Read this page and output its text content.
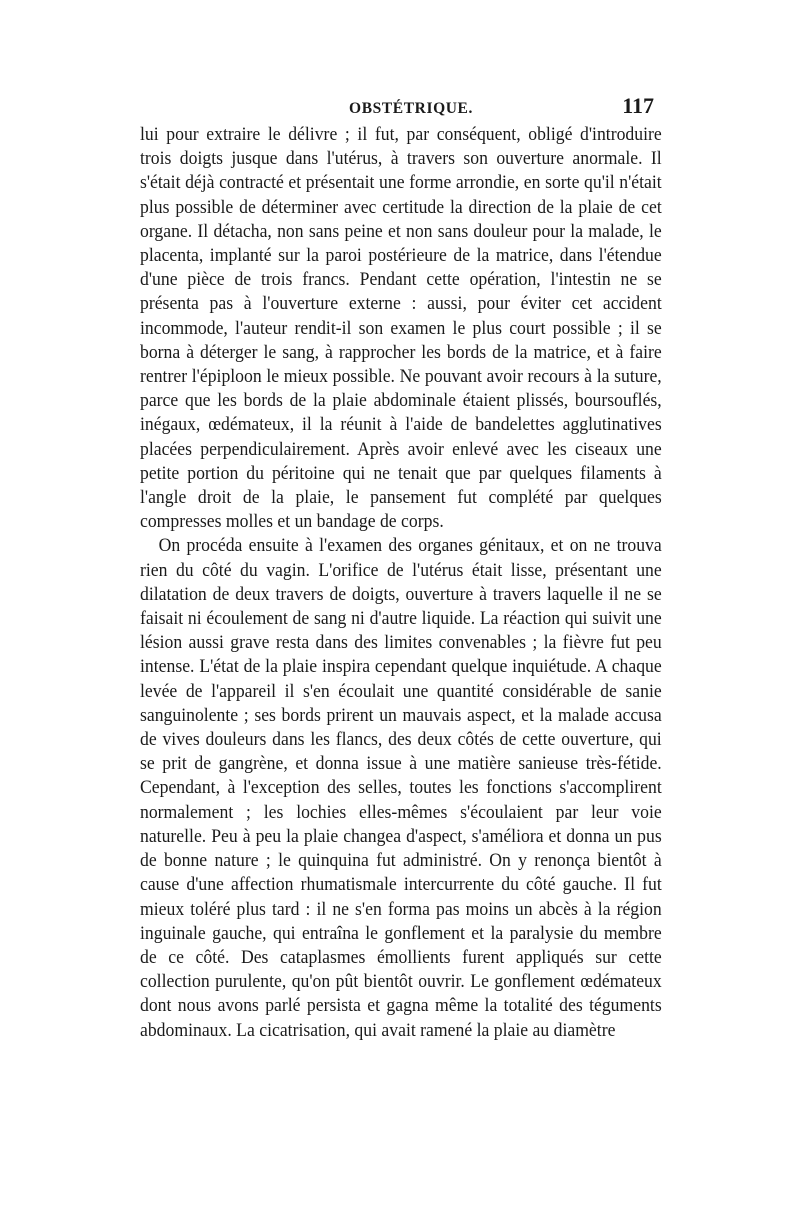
OBSTÉTRIQUE.	117

lui pour extraire le délivre ; il fut, par conséquent, obligé d'introduire trois doigts jusque dans l'utérus, à travers son ouverture anormale. Il s'était déjà contracté et présentait une forme arrondie, en sorte qu'il n'était plus possible de déterminer avec certitude la direction de la plaie de cet organe. Il détacha, non sans peine et non sans douleur pour la malade, le placenta, implanté sur la paroi postérieure de la matrice, dans l'étendue d'une pièce de trois francs. Pendant cette opération, l'intestin ne se présenta pas à l'ouverture externe : aussi, pour éviter cet accident incommode, l'auteur rendit-il son examen le plus court possible ; il se borna à déterger le sang, à rapprocher les bords de la matrice, et à faire rentrer l'épiploon le mieux possible. Ne pouvant avoir recours à la suture, parce que les bords de la plaie abdominale étaient plissés, boursouflés, inégaux, œdémateux, il la réunit à l'aide de bandelettes agglutinatives placées perpendiculairement. Après avoir enlevé avec les ciseaux une petite portion du péritoine qui ne tenait que par quelques filaments à l'angle droit de la plaie, le pansement fut complété par quelques compresses molles et un bandage de corps.

On procéda ensuite à l'examen des organes génitaux, et on ne trouva rien du côté du vagin. L'orifice de l'utérus était lisse, présentant une dilatation de deux travers de doigts, ouverture à travers laquelle il ne se faisait ni écoulement de sang ni d'autre liquide. La réaction qui suivit une lésion aussi grave resta dans des limites convenables ; la fièvre fut peu intense. L'état de la plaie inspira cependant quelque inquiétude. A chaque levée de l'appareil il s'en écoulait une quantité considérable de sanie sanguinolente ; ses bords prirent un mauvais aspect, et la malade accusa de vives douleurs dans les flancs, des deux côtés de cette ouverture, qui se prit de gangrène, et donna issue à une matière sanieuse très-fétide. Cependant, à l'exception des selles, toutes les fonctions s'accomplirent normalement ; les lochies elles-mêmes s'écoulaient par leur voie naturelle. Peu à peu la plaie changea d'aspect, s'améliora et donna un pus de bonne nature ; le quinquina fut administré. On y renonça bientôt à cause d'une affection rhumatismale intercurrente du côté gauche. Il fut mieux toléré plus tard : il ne s'en forma pas moins un abcès à la région inguinale gauche, qui entraîna le gonflement et la paralysie du membre de ce côté. Des cataplasmes émollients furent appliqués sur cette collection purulente, qu'on pût bientôt ouvrir. Le gonflement œdémateux dont nous avons parlé persista et gagna même la totalité des téguments abdominaux. La cicatrisation, qui avait ramené la plaie au diamètre
